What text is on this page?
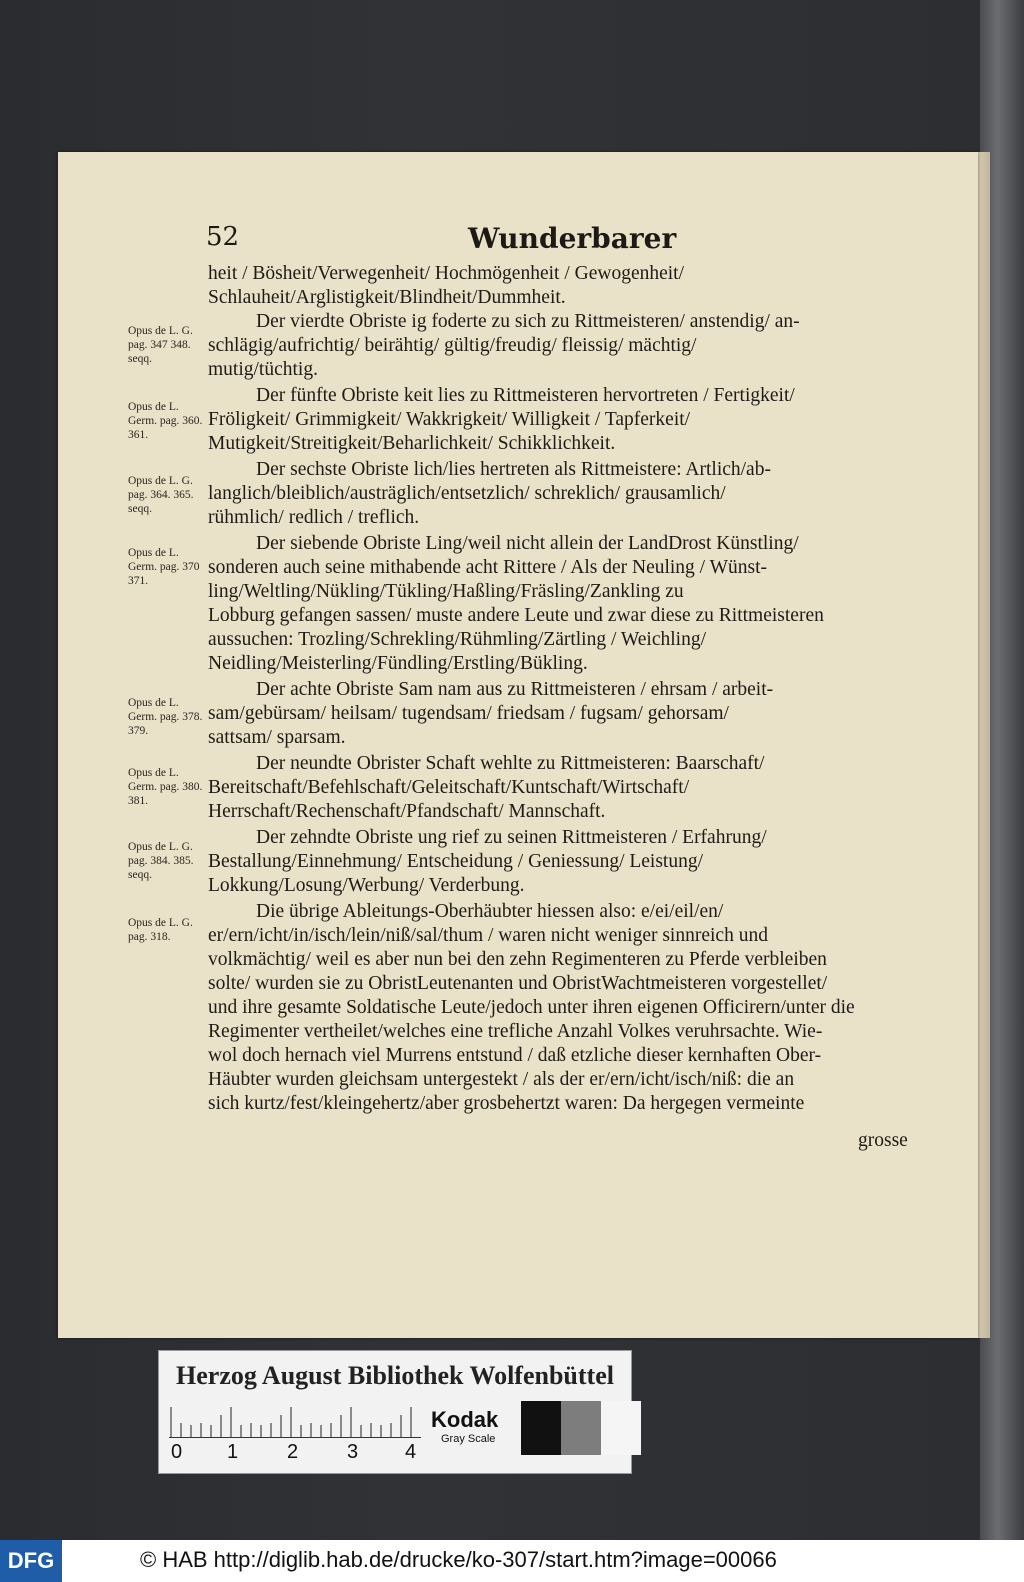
52	Wunderbarer
heit / Bösheit/Verwegenheit/ Hochmögenheit / Gewogenheit/
Schlauheit/Arglistigkeit/Blindheit/Dummheit.
Der vierdte Obriste ig foderte zu sich zu Rittmeisteren/ anstendig/ an-
schlägig/aufrichtig/ beirähtig/ gültig/freudig/ fleissig/ mächtig/
mutig/tüchtig.
Der fünfte Obriste keit lies zu Rittmeisteren hervortreten / Fertigkeit/
Fröligkeit/ Grimmigkeit/ Wakkrigkeit/ Willigkeit / Tapferkeit/
Mutigkeit/Streitigkeit/Beharlichkeit/ Schikklichkeit.
Der sechste Obriste lich/lies hertreten als Rittmeistere: Artlich/ab-
langlich/bleiblich/austräglich/entsetzlich/ schreklich/ grausamlich/
rühmlich/ redlich / treflich.
Der siebende Obriste Ling/weil nicht allein der LandDrost Künstling/
sonderen auch seine mithabende acht Rittere / Als der Neuling / Wünst-
ling/Weltling/Nükling/Tükling/Haßling/Fräsling/Zankling zu
Lobburg gefangen sassen/ muste andere Leute und zwar diese zu Rittmeisteren
aussuchen: Trozling/Schrekling/Rühmling/Zärtling / Weichling/
Neidling/Meisterling/Fündling/Erstling/Bükling.
Der achte Obriste Sam nam aus zu Rittmeisteren / ehrsam / arbeit-
sam/gebürsam/ heilsam/ tugendsam/ friedsam / fugsam/ gehorsam/
sattsam/ sparsam.
Der neundte Obrister Schaft wehlte zu Rittmeisteren: Baarschaft/
Bereitschaft/Befehlschaft/Geleitschaft/Kuntschaft/Wirtschaft/
Herrschaft/Rechenschaft/Pfandschaft/ Mannschaft.
Der zehndte Obriste ung rief zu seinen Rittmeisteren / Erfahrung/
Bestallung/Einnehmung/ Entscheidung / Geniessung/ Leistung/
Lokkung/Losung/Werbung/ Verderbung.
Die übrige Ableitungs-Oberhäubter hiessen also: e/ei/eil/en/
er/ern/icht/in/isch/lein/niß/sal/thum / waren nicht weniger sinnreich und
volkmächtig/ weil es aber nun bei den zehn Regimenteren zu Pferde verbleiben
solte/ wurden sie zu ObristLeutenanten und ObristWachtmeisteren vorgestellet/
und ihre gesamte Soldatische Leute/jedoch unter ihren eigenen Officirern/unter die
Regimenter vertheilet/welches eine trefliche Anzahl Volkes veruhrsachte. Wie-
wol doch hernach viel Murrens entstund / daß etzliche dieser kernhaften Ober-
Häubter wurden gleichsam untergestekt / als der er/ern/icht/isch/niß: die an
sich kurtz/fest/kleingehertz/aber grosbehertzt waren: Da hergegen vermeinte
Opus de L. G. pag. 347 348. seqq.
Opus de L. Germ. pag. 360. 361.
Opus de L. G. pag. 364. 365. seqq.
Opus de L. Germ. pag. 370 371.
Opus de L. Germ. pag. 378. 379.
Opus de L. Germ. pag. 380. 381.
Opus de L. G. pag. 384. 385. seqq.
Opus de L. G. pag. 318.
grosse
Herzog August Bibliothek Wolfenbüttel
0 1 2 3 4
Kodak
Gray Scale
DFG	© HAB http://diglib.hab.de/drucke/ko-307/start.htm?image=00066
